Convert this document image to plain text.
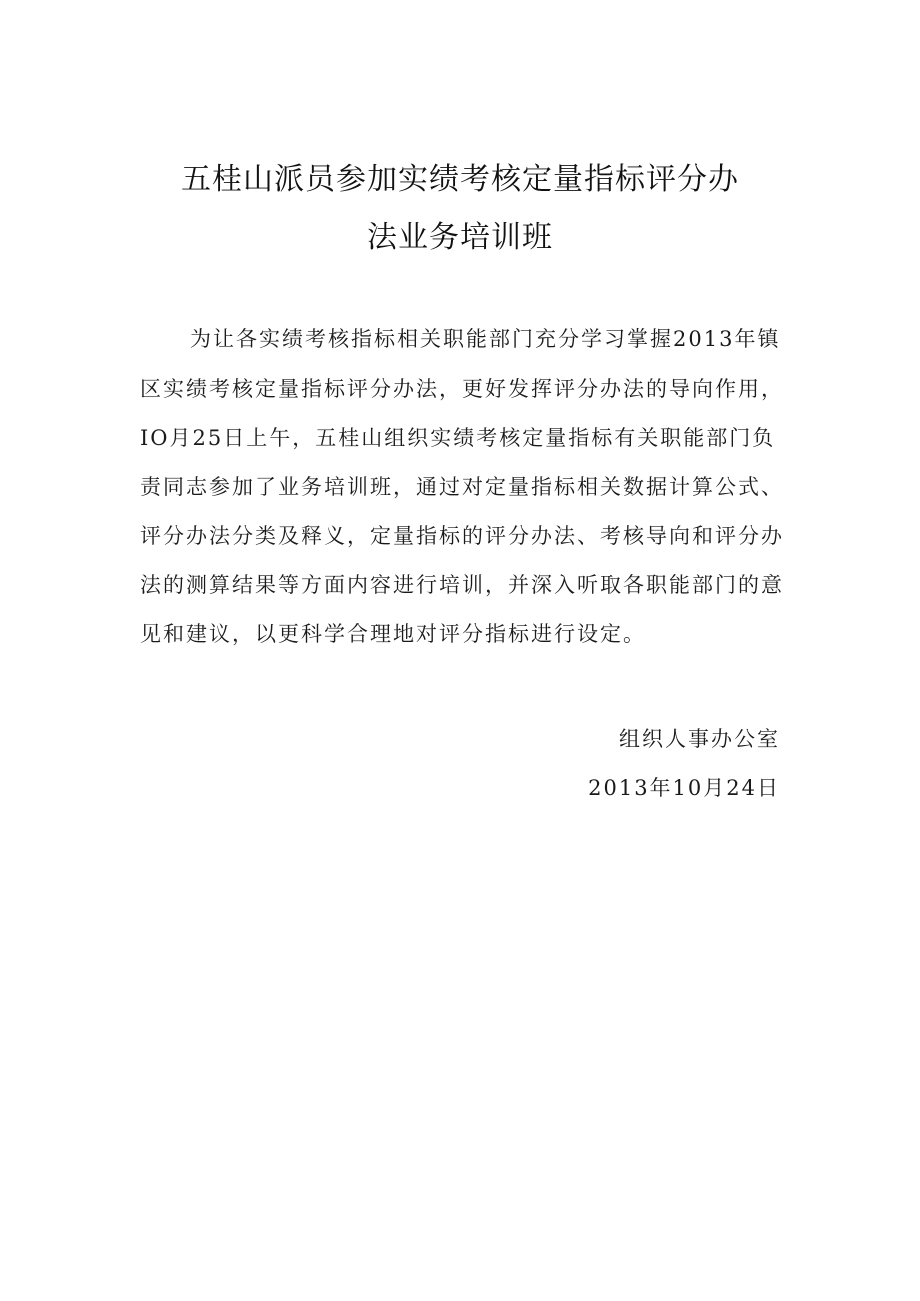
五桂山派员参加实绩考核定量指标评分办
法业务培训班
为让各实绩考核指标相关职能部门充分学习掌握2013年镇
区实绩考核定量指标评分办法，更好发挥评分办法的导向作用，
IO月25日上午，五桂山组织实绩考核定量指标有关职能部门负
责同志参加了业务培训班，通过对定量指标相关数据计算公式、
评分办法分类及释义，定量指标的评分办法、考核导向和评分办
法的测算结果等方面内容进行培训，并深入听取各职能部门的意
见和建议，以更科学合理地对评分指标进行设定。
组织人事办公室
2013年10月24日
